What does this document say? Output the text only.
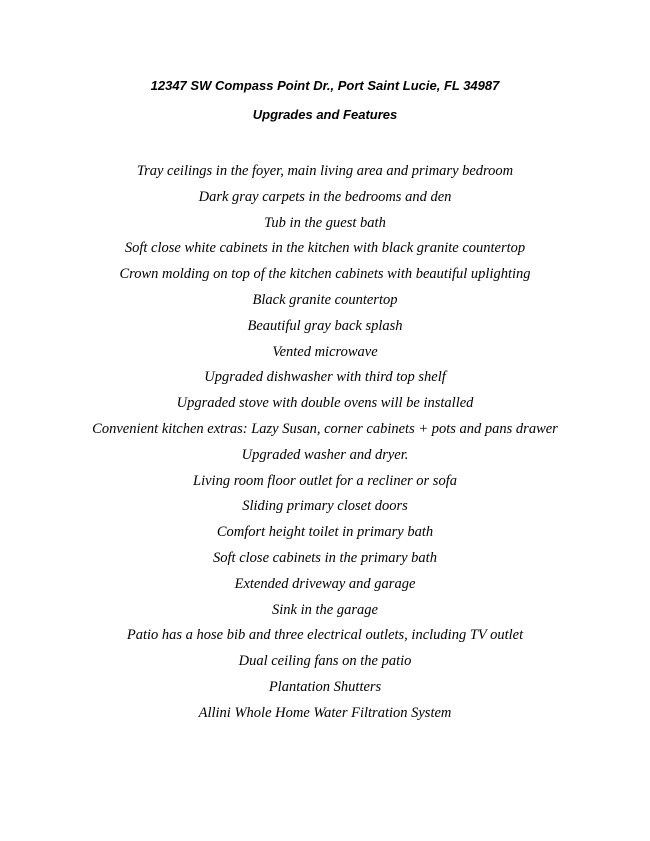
12347 SW Compass Point Dr., Port Saint Lucie, FL 34987
Upgrades and Features
Tray ceilings in the foyer, main living area and primary bedroom
Dark gray carpets in the bedrooms and den
Tub in the guest bath
Soft close white cabinets in the kitchen with black granite countertop
Crown molding on top of the kitchen cabinets with beautiful uplighting
Black granite countertop
Beautiful gray back splash
Vented microwave
Upgraded dishwasher with third top shelf
Upgraded stove with double ovens will be installed
Convenient kitchen extras: Lazy Susan, corner cabinets + pots and pans drawer
Upgraded washer and dryer.
Living room floor outlet for a recliner or sofa
Sliding primary closet doors
Comfort height toilet in primary bath
Soft close cabinets in the primary bath
Extended driveway and garage
Sink in the garage
Patio has a hose bib and three electrical outlets, including TV outlet
Dual ceiling fans on the patio
Plantation Shutters
Allini Whole Home Water Filtration System
